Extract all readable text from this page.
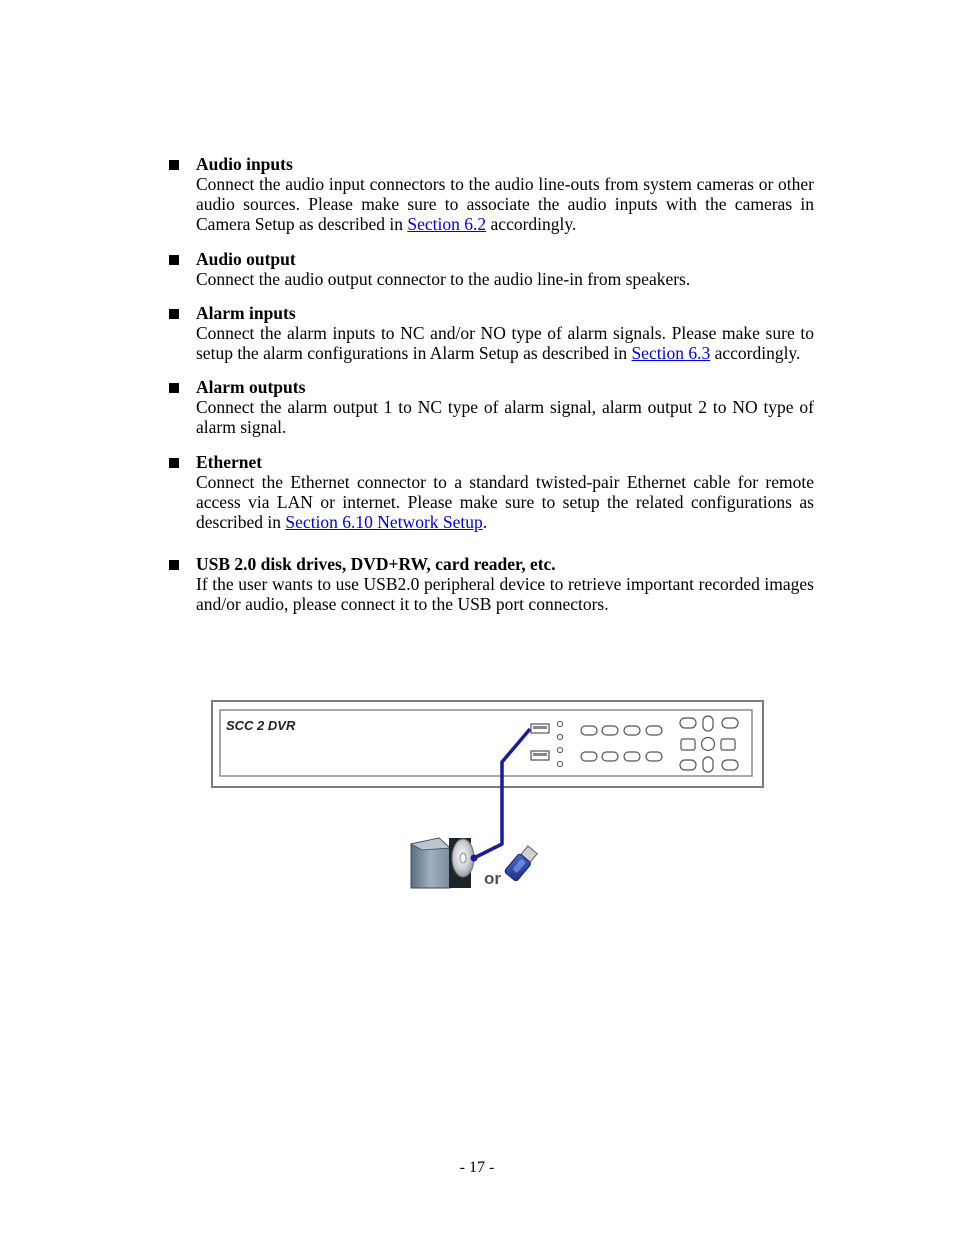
Audio inputs
Connect the audio input connectors to the audio line-outs from system cameras or other audio sources. Please make sure to associate the audio inputs with the cameras in Camera Setup as described in Section 6.2 accordingly.
Audio output
Connect the audio output connector to the audio line-in from speakers.
Alarm inputs
Connect the alarm inputs to NC and/or NO type of alarm signals. Please make sure to setup the alarm configurations in Alarm Setup as described in Section 6.3 accordingly.
Alarm outputs
Connect the alarm output 1 to NC type of alarm signal, alarm output 2 to NO type of alarm signal.
Ethernet
Connect the Ethernet connector to a standard twisted-pair Ethernet cable for remote access via LAN or internet. Please make sure to setup the related configurations as described in Section 6.10 Network Setup.
USB 2.0 disk drives, DVD+RW, card reader, etc.
If the user wants to use USB2.0 peripheral device to retrieve important recorded images and/or audio, please connect it to the USB port connectors.
SCC 2 DVR
or
- 17 -
